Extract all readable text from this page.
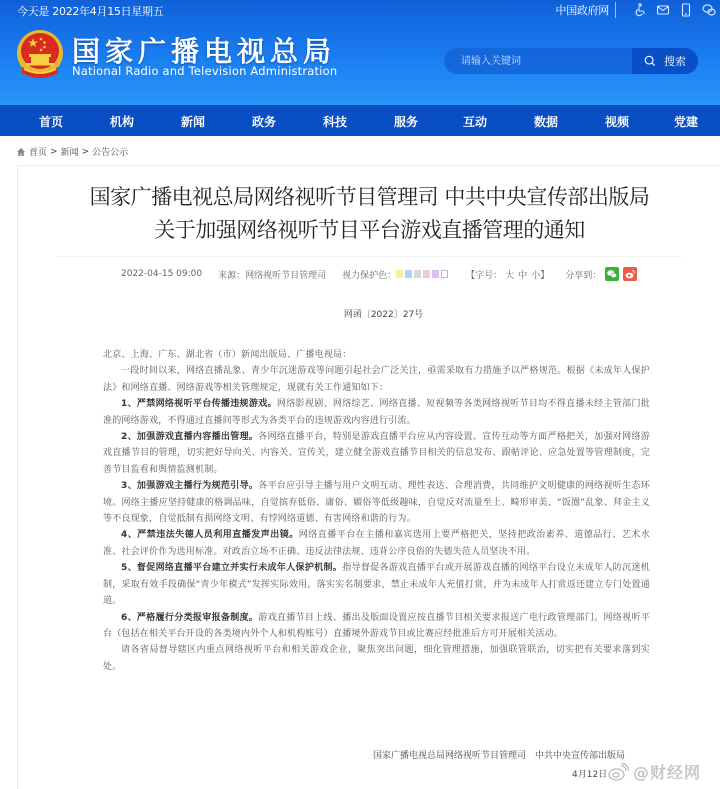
今天是 2022年4月15日星期五	中国政府网
国家广播电视总局
National Radio and Television Administration
请输入关键词
搜索
首页	机构	新闻	政务	科技	服务	互动	数据	视频	党建
首页 > 新闻 > 公告公示
国家广播电视总局网络视听节目管理司 中共中央宣传部出版局
关于加强网络视听节目平台游戏直播管理的通知
2022-04-15 09:00 来源： 网络视听节目管理司 视力保护色：	【字号： 大 中 小 】 分享到：
网函〔2022〕27号

北京、上海、广东、湖北省（市）新闻出版局、广播电视局：

一段时间以来，网络直播乱象、青少年沉迷游戏等问题引起社会广泛关注，亟需采取有力措施予以严格规范。根据《未成年人保护法》和网络直播、网络游戏等相关管理规定，现就有关工作通知如下：

1、严禁网络视听平台传播违规游戏。网络影视剧、网络综艺、网络直播、短视频等各类网络视听节目均不得直播未经主管部门批准的网络游戏，不得通过直播间等形式为各类平台的违规游戏内容进行引流。

2、加强游戏直播内容播出管理。各网络直播平台，特别是游戏直播平台应从内容设置、宣传互动等方面严格把关，加强对网络游戏直播节目的管理，切实把好导向关、内容关、宣传关，建立健全游戏直播节目相关的信息发布、跟帖评论、应急处置等管理制度，完善节目监看和舆情监测机制。

3、加强游戏主播行为规范引导。各平台应引导主播与用户文明互动、理性表达、合理消费，共同维护文明健康的网络视听生态环境。网络主播应坚持健康的格调品味，自觉摈弃低俗、庸俗、媚俗等低级趣味，自觉反对流量至上、畸形审美、“饭圈”乱象、拜金主义等不良现象，自觉抵制有损网络文明、有悖网络道德、有害网络和谐的行为。

4、严禁违法失德人员利用直播发声出镜。网络直播平台在主播和嘉宾选用上要严格把关，坚持把政治素养、道德品行、艺术水准、社会评价作为选用标准。对政治立场不正确、违反法律法规、违背公序良俗的失德失范人员坚决不用。

5、督促网络直播平台建立并实行未成年人保护机制。指导督促各游戏直播平台或开展游戏直播的网络平台设立未成年人防沉迷机制，采取有效手段确保“青少年模式”发挥实际效用，落实实名制要求，禁止未成年人充值打赏，并为未成年人打赏返还建立专门处置通道。

6、严格履行分类报审报备制度。游戏直播节目上线、播出及版面设置应按直播节目相关要求报送广电行政管理部门。网络视听平台（包括在相关平台开设的各类境内外个人和机构账号）直播境外游戏节目或比赛应经批准后方可开展相关活动。

请各省局督导辖区内重点网络视听平台和相关游戏企业，聚焦突出问题，细化管理措施，加强联管联治，切实把有关要求落到实处。

国家广播电视总局网络视听节目管理司　中共中央宣传部出版局
4月12日 @财经网
